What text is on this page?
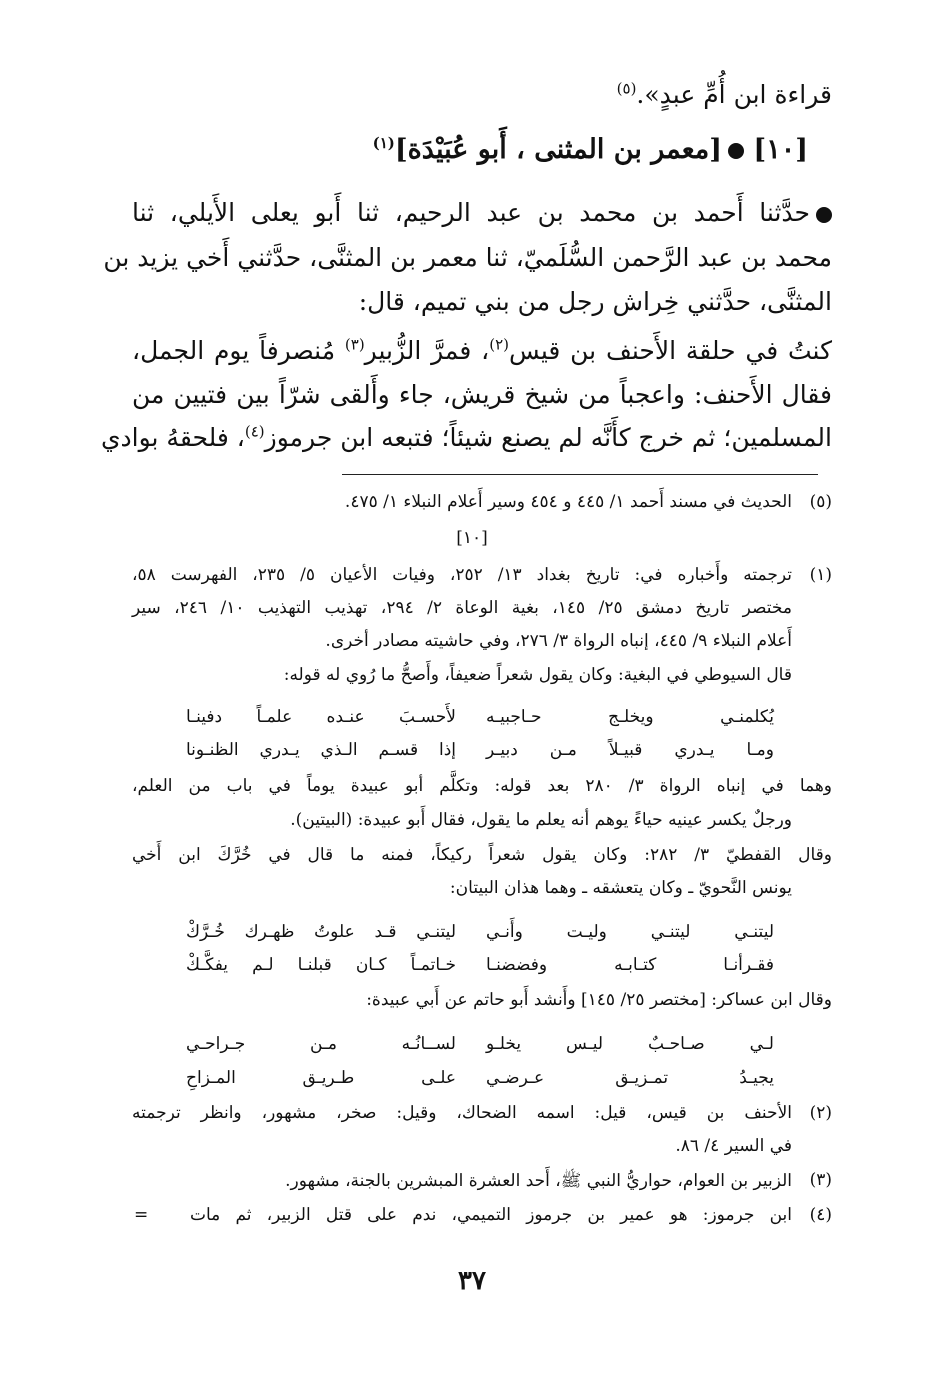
قراءة ابن أُمِّ عبدٍ».$^{(٥)}$
[١٠] [معمر بن المثنى ، أَبو عُبَيْدَة]$^{(١)}$
حدَّثنا أَحمد بن محمد بن عبد الرحيم، ثنا أَبو يعلى الأَيلي، ثنا
محمد بن عبد الرَّحمن السُّلَميّ، ثنا معمر بن المثنَّى، حدَّثني أَخي يزيد بن
المثنَّى، حدَّثني خِراش رجل من بني تميم، قال:
كنتُ في حلقة الأَحنف بن قيس$^{(٢)}$، فمرَّ الزُّبير$^{(٣)}$ مُنصرفاً يوم الجمل،
فقال الأَحنف: واعجباً من شيخ قريش، جاء وأَلقى شرّاً بين فتيين من
المسلمين؛ ثم خرج كأَنَّه لم يصنع شيئاً؛ فتبعه ابن جرموز$^{(٤)}$، فلحقهُ بوادي
(٥)
الحديث في مسند أَحمد ١/ ٤٤٥ و ٤٥٤ وسير أَعلام النبلاء ١/ ٤٧٥.
[١٠]
(١)
ترجمته وأَخباره في: تاريخ بغداد ١٣/ ٢٥٢، وفيات الأعيان ٥/ ٢٣٥، الفهرست ٥٨،
مختصر تاريخ دمشق ٢٥/ ١٤٥، بغية الوعاة ٢/ ٢٩٤، تهذيب التهذيب ١٠/ ٢٤٦، سير
أَعلام النبلاء ٩/ ٤٤٥، إنباه الرواة ٣/ ٢٧٦، وفي حاشيته مصادر أخرى.
قال السيوطي في البغية: وكان يقول شعراً ضعيفاً، وأَصحُّ ما رُوي له قوله:
يُكلمنـي ويخلـج حـاجبيـه
لأَحسـبَ عنـده علمـاً دفينـا
ومـا يـدري قبيـلاً مـن دبيـر
إذا قسـم الـذي يـدري الظنـونا
وهما في إنباه الرواة ٣/ ٢٨٠ بعد قوله: وتكلَّم أبو عبيدة يوماً في باب من العلم،
ورجلٌ يكسر عينيه حياءً يوهم أنه يعلم ما يقول، فقال أَبو عبيدة: (البيتين).
وقال القفطيّ ٣/ ٢٨٢: وكان يقول شعراً ركيكاً، فمنه ما قال في خُرَّكَ ابن أَخي
يونس النَّحويّ ـ وكان يتعشقه ـ وهما هذان البيتان:
ليتنـي ليتنـي وليـت وأَنـي
ليتنـي قـد علوتُ ظهـرك خُـرَّكْ
فقـرأنـا كتـابـه وفضضنـا
خـاتمـاً كـان قبلنـا لـم يفكَّـكْ
وقال ابن عساكر: [مختصر ٢٥/ ١٤٥] وأَنشد أَبو حاتم عن أَبي عبيدة:
لـي صـاحـبٌ ليـس يخلـو
لســانُـه مـن جـراحـي
يجيـدُ تمـزيـق عـرضـي
علـى طـريـق المـزاحِ
(٢)
الأحنف بن قيس، قيل: اسمه الضحاك، وقيل: صخر، مشهور، وانظر ترجمته
في السير ٤/ ٨٦.
(٣)
الزبير بن العوام، حواريُّ النبي ﷺ، أَحد العشرة المبشرين بالجنة، مشهور.
(٤)
ابن جرموز: هو عمير بن جرموز التميمي، ندم على قتل الزبير، ثم مات
=
٣٧
